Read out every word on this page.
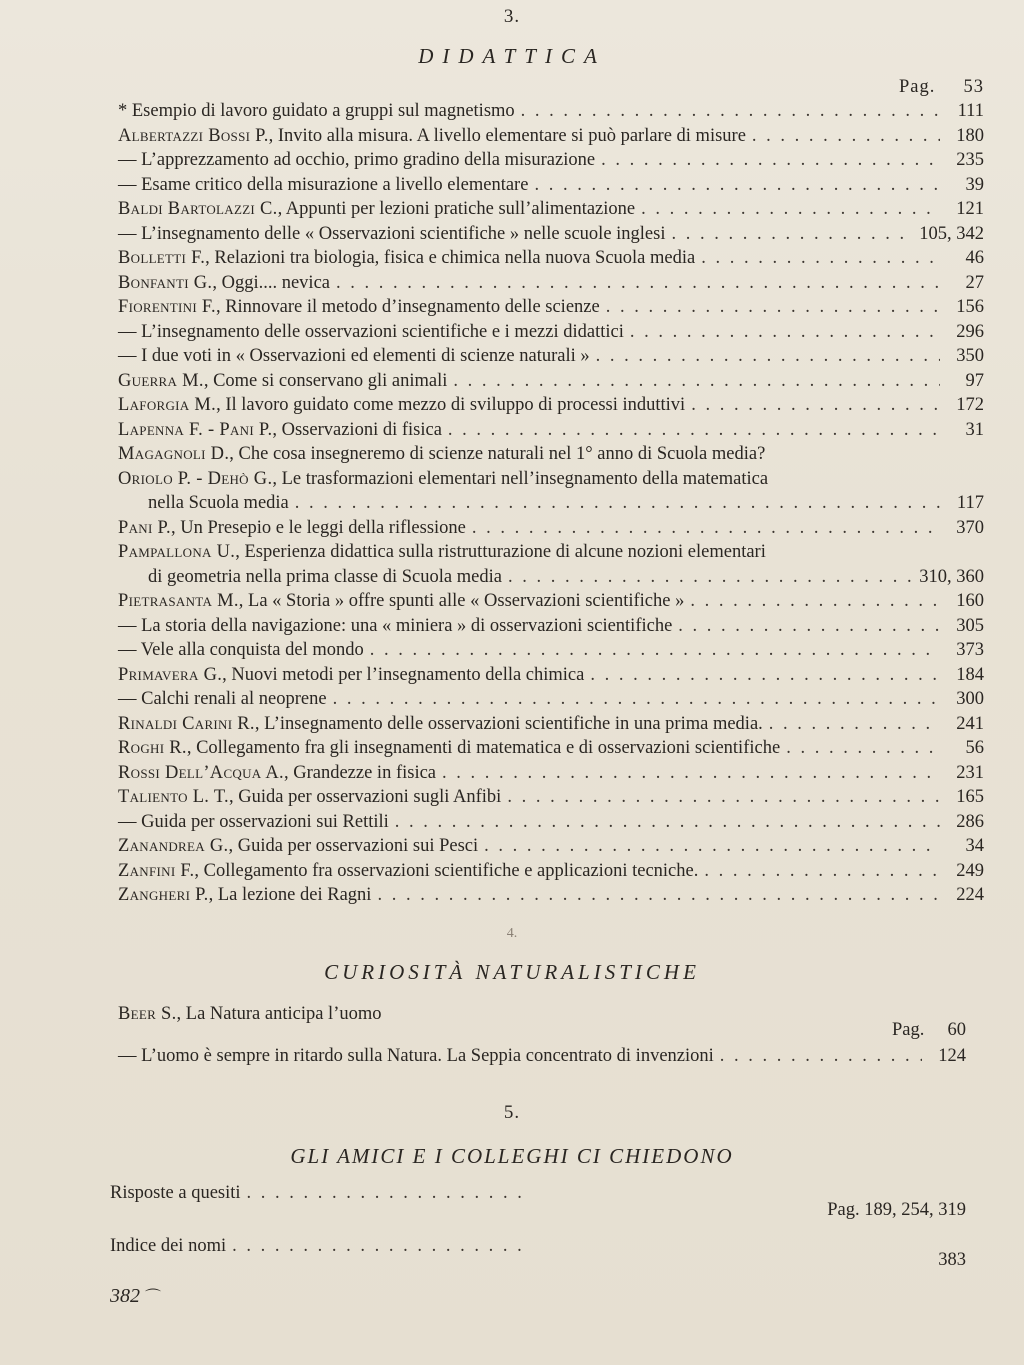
3.
DIDATTICA
Pag. 53
* Esempio di lavoro guidato a gruppi sul magnetismo . . .	111
Albertazzi Bossi P., Invito alla misura. A livello elementare si può parlare di misure . . .	180
— L’apprezzamento ad occhio, primo gradino della misurazione . . .	235
— Esame critico della misurazione a livello elementare . . .	39
Baldi Bartolazzi C., Appunti per lezioni pratiche sull’alimentazione . . .	121
— L’insegnamento delle « Osservazioni scientifiche » nelle scuole inglesi . . .	105, 342
Bolletti F., Relazioni tra biologia, fisica e chimica nella nuova Scuola media . . .	46
Bonfanti G., Oggi.... nevica . . .	27
Fiorentini F., Rinnovare il metodo d’insegnamento delle scienze . . .	156
— L’insegnamento delle osservazioni scientifiche e i mezzi didattici . . .	296
— I due voti in « Osservazioni ed elementi di scienze naturali » . . .	350
Guerra M., Come si conservano gli animali . . .	97
Laforgia M., Il lavoro guidato come mezzo di sviluppo di processi induttivi . . .	172
Lapenna F. - Pani P., Osservazioni di fisica . . .	31
Magagnoli D., Che cosa insegneremo di scienze naturali nel 1° anno di Scuola media?
Oriolo P. - Dehò G., Le trasformazioni elementari nell’insegnamento della matematica
nella Scuola media . . .	117
Pani P., Un Presepio e le leggi della riflessione . . .	370
Pampallona U., Esperienza didattica sulla ristrutturazione di alcune nozioni elementari
di geometria nella prima classe di Scuola media . . .	310, 360
Pietrasanta M., La « Storia » offre spunti alle « Osservazioni scientifiche » . . .	160
— La storia della navigazione: una « miniera » di osservazioni scientifiche . . .	305
— Vele alla conquista del mondo . . .	373
Primavera G., Nuovi metodi per l’insegnamento della chimica . . .	184
— Calchi renali al neoprene . . .	300
Rinaldi Carini R., L’insegnamento delle osservazioni scientifiche in una prima media. . . .	241
Roghi R., Collegamento fra gli insegnamenti di matematica e di osservazioni scientifiche . . .	56
Rossi Dell’Acqua A., Grandezze in fisica . . .	231
Taliento L. T., Guida per osservazioni sugli Anfibi . . .	165
— Guida per osservazioni sui Rettili . . .	286
Zanandrea G., Guida per osservazioni sui Pesci . . .	34
Zanfini F., Collegamento fra osservazioni scientifiche e applicazioni tecniche. . . .	249
Zangheri P., La lezione dei Ragni . . .	224
4.
CURIOSITÀ NATURALISTICHE
Beer S., La Natura anticipa l’uomo
Pag. 60
— L’uomo è sempre in ritardo sulla Natura. La Seppia concentrato di invenzioni . . .	124
5.
GLI AMICI E I COLLEGHI CI CHIEDONO
Risposte a quesiti
. . .
Pag. 189, 254, 319
Indice dei nomi
. . .
383
382 ⌒
